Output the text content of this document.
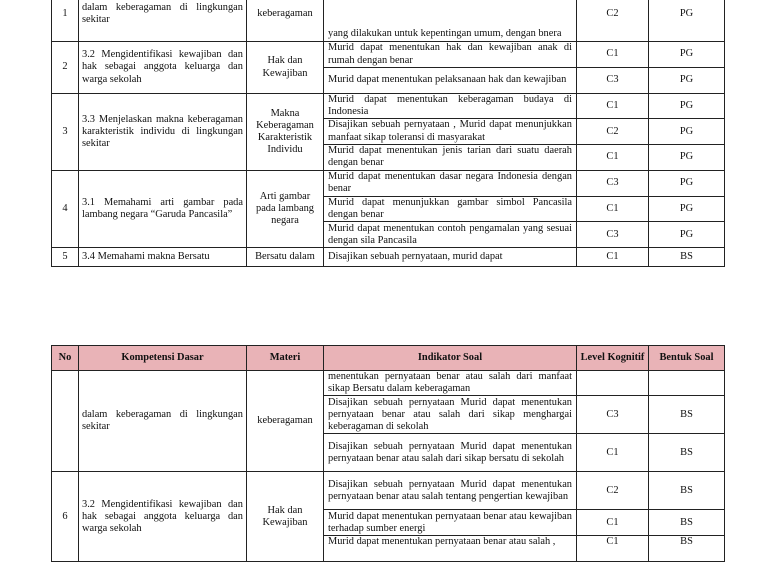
1	dalam keberagaman di lingkungan sekitar	keberagaman	yang dilakukan untuk kepentingan umum, dengan bnera	C2	PG
2	3.2 Mengidentifikasi kewajiban dan hak sebagai anggota keluarga dan warga sekolah	Hak dan Kewajiban	Murid dapat menentukan hak dan kewajiban anak di rumah dengan benar	C1	PG
			Murid dapat menentukan pelaksanaan hak dan kewajiban	C3	PG
3	3.3 Menjelaskan makna keberagaman karakteristik individu di lingkungan sekitar	Makna Keberagaman Karakteristik Individu	Murid dapat menentukan keberagaman budaya di Indonesia	C1	PG
			Disajikan sebuah pernyataan , Murid dapat menunjukkan manfaat sikap toleransi di masyarakat	C2	PG
			Murid dapat menentukan jenis tarian dari suatu daerah dengan benar	C1	PG
4	3.1 Memahami arti gambar pada lambang negara “Garuda Pancasila”	Arti gambar pada lambang negara	Murid dapat menentukan dasar negara Indonesia dengan benar	C3	PG
			Murid dapat menunjukkan gambar simbol Pancasila dengan benar	C1	PG
			Murid dapat menentukan contoh pengamalan yang sesuai dengan sila Pancasila	C3	PG
5	3.4 Memahami makna Bersatu	Bersatu dalam	Disajikan sebuah pernyataan, murid dapat	C1	BS
No	Kompetensi Dasar	Materi	Indikator Soal	Level Kognitif	Bentuk Soal
	dalam keberagaman di lingkungan sekitar	keberagaman	menentukan pernyataan benar atau salah dari manfaat sikap Bersatu dalam keberagaman		
			Disajikan sebuah pernyataan Murid dapat menentukan pernyataan benar atau salah dari sikap menghargai keberagaman di sekolah	C3	BS
			Disajikan sebuah pernyataan Murid dapat menentukan pernyataan benar atau salah dari sikap bersatu di sekolah	C1	BS
6	3.2 Mengidentifikasi kewajiban dan hak sebagai anggota keluarga dan warga sekolah	Hak dan Kewajiban	Disajikan sebuah pernyataan Murid dapat menentukan pernyataan benar atau salah tentang pengertian kewajiban	C2	BS
			Murid dapat menentukan pernyataan benar atau kewajiban terhadap sumber energi	C1	BS
			Murid dapat menentukan pernyataan benar atau salah ,	C1	BS
